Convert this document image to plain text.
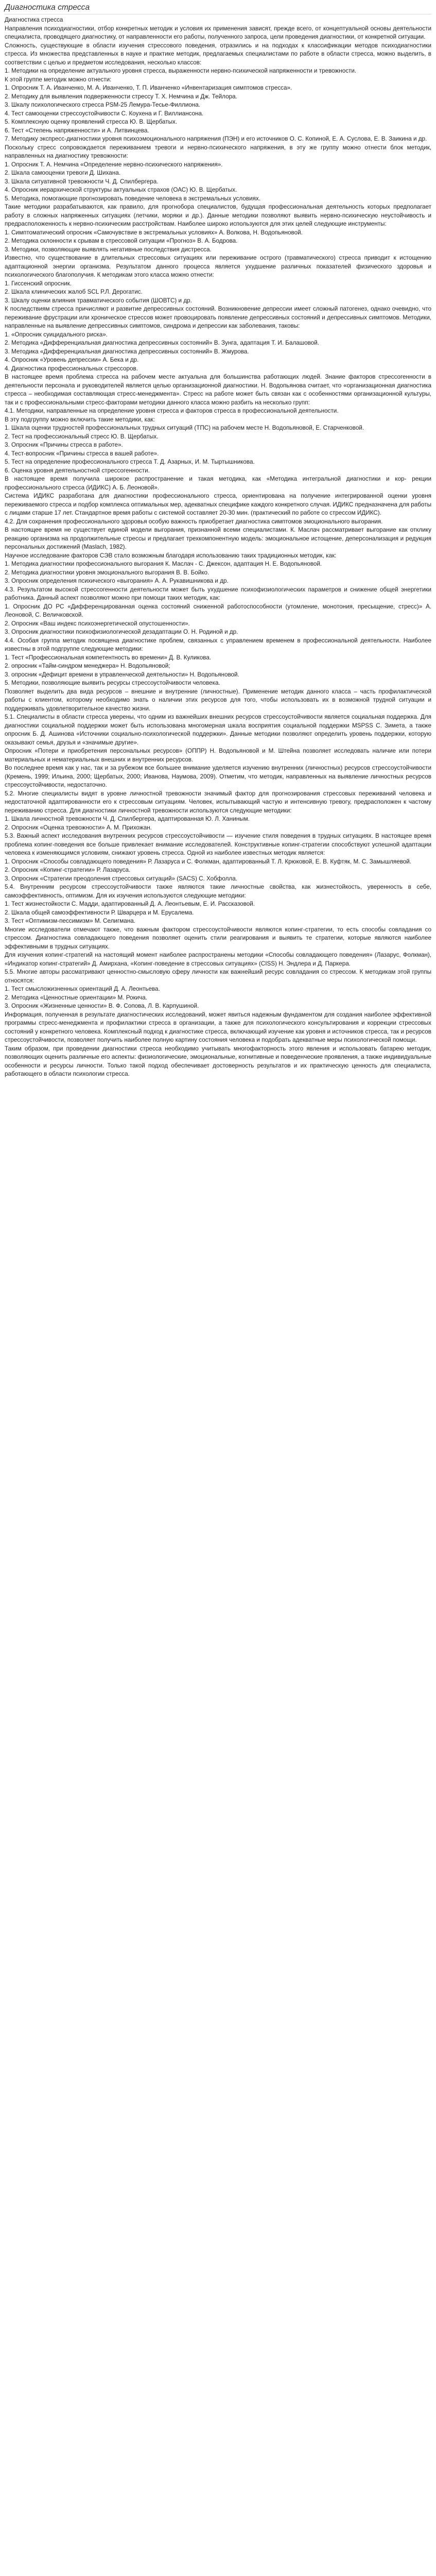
Диагностика стресса

Диагностика стресса

Направления психодиагностики, отбор конкретных методик и условия их применения зависят, прежде всего, от концептуальной основы деятельности специалиста, проводящего диагностику, от направленности его работы, полученного запроса, цели проведения диагностики, от конкретной ситуации.

Сложность, существующие в области изучения стрессового поведения, отразились и на подходах к классификации методов психодиагностики стресса. Из множества представленных в науке и практике методик, предлагаемых специалистами по работе в области стресса, можно выделить, в соответствии с целью и предметом исследования, несколько классов:

1. Методики на определение актуального уровня стресса, выраженности нервно-психической напряженности и тревожности.

К этой группе методик можно отнести:

1. Опросник Т. А. Иванченко, М. А. Иванченко, Т. П. Иванченко «Инвентаризация симптомов стресса».

2. Методику для выявления подверженности стрессу Т. Х. Немчина и Дж. Тейлора.

3. Шкалу психологического стресса PSM-25 Лемура-Тесье-Филлиона.

4. Тест самооценки стрессоустойчивости С. Коухена и Г. Виллиансона.

5. Комплексную оценку проявлений стресса Ю. В. Щербатых.

6. Тест «Степень напряженности» и А. Литвинцева.

7. Методику экспресс-диагностики уровня психоэмоционального напряжения (ПЭН) и его источников О. С. Копиной, Е. А. Суслова, Е. В. Заикина и др.

Поскольку стресс сопровождается переживанием тревоги и нервно-психического напряжения, в эту же группу можно отнести блок методик, направленных на диагностику тревожности:

1. Опросник Т. А. Немчина «Определение нервно-психического напряжения».

2. Шкала самооценки тревоги Д. Шихана.

3. Шкала ситуативной тревожности Ч. Д. Спилбергера.

4. Опросник иерархической структуры актуальных страхов (ОАС) Ю. В. Щербатых.

5. Методика, помогающие прогнозировать поведение человека в экстремальных условиях.

Такие методики разрабатываются, как правило, для прогнобора специалистов, будущая профессиональная деятельность которых предполагает работу в сложных напряженных ситуациях (летчики, моряки и др.). Данные методики позволяют выявить нервно-психическую неустойчивость и предрасположенность к нервно-психическим расстройствам. Наиболее широко используются для этих целей следующие инструменты:

1. Симптоматический опросник «Самочувствие в экстремальных условиях» А. Волкова, Н. Водопьяновой.

2. Методика склонности к срывам в стрессовой ситуации «Прогноз» В. А. Бодрова.

3. Методики, позволяющие выявлять негативные последствия дистресса.

Известно, что существование в длительных стрессовых ситуациях или переживание острого (травматического) стресса приводит к истощению адаптационной энергии организма. Результатом данного процесса является ухудшение различных показателей физического здоровья и психологического благополучия. К методикам этого класса можно отнести:

1. Гиссенский опросник.

2. Шкала клинических жалоб SCL Р.Л. Дерогатис.

3. Шкалу оценки влияния травматического события (ШОВТС) и др.

К последствиям стресса причисляют и развитие депрессивных состояний. Возникновение депрессии имеет сложный патогенез, однако очевидно, что переживание фрустрации или хроническое стрессов может провоцировать появление депрессивных состояний и депрессивных симптомов. Методики, направленные на выявление депрессивных симптомов, синдрома и депрессии как заболевания, таковы:

1. «Опросник суицидального риска».

2. Методика «Дифференциальная диагностика депрессивных состояний» В. Зунга, адаптация Т. И. Балашовой.

3. Методика «Дифференциальная диагностика депрессивных состояний» В. Жмурова.

4. Опросник «Уровень депрессии» А. Бека и др.

4. Диагностика профессиональных стрессоров.

В настоящее время проблема стресса на рабочем месте актуальна для большинства работающих людей. Знание факторов стрессогенности в деятельности персонала и руководителей является целью организационной диагностики. Н. Водопьянова считает, что «организационная диагностика стресса – необходимая составляющая стресс-менеджмента». Стресс на работе может быть связан как с особенностями организационной культуры, так и с профессиональными стресс-факторами методики данного класса можно разбить на несколько групп:

4.1. Методики, направленные на определение уровня стресса и факторов стресса в профессиональной деятельности.

В эту подгруппу можно включить такие методики, как:

1. Шкала оценки трудностей профессиональных трудных ситуаций (ТПС) на рабочем месте Н. Водопьяновой, Е. Старченковой.

2. Тест на профессиональный стресс Ю. В. Щербатых.

3. Опросник «Причины стресса в работе».

4. Тест-вопросник «Причины стресса в вашей работе».

5. Тест на определение профессионального стресса Т. Д. Азарных, И. М. Тыртышникова.

6. Оценка уровня деятельностной стрессогенности.

В настоящее время получила широкое распространение и такая методика, как «Методика интегральной диагностики и кор- рекции профессионального стресса (ИДИКС) А. Б. Леоновой».

Система ИДИКС разработана для диагностики профессионального стресса, ориентирована на получение интегрированной оценки уровня переживаемого стресса и подбор комплекса оптимальных мер, адекватных специфике каждого конкретного случая. ИДИКС предназначена для работы с лицами старше 17 лет. Стандартное время работы с системой составляет 20-30 мин. (практический по работе со стрессом ИДИКС).

4.2. Для сохранения профессионального здоровья особую важность приобретает диагностика симптомов эмоционального выгорания.

В настоящее время не существует единой модели выгорания, признанной всеми специалистами. К. Маслач рассматривает выгорание как отклику реакцию организма на продолжительные стрессы и предлагает трехкомпонентную модель: эмоциональное истощение, деперсонализация и редукция персональных достижений (Maslach, 1982).

Научное исследование факторов СЭВ стало возможным благодаря использованию таких традиционных методик, как:

1. Методика диагностики профессионального выгорания К. Маслач - С. Джексон, адаптация Н. Е. Водопьяновой.

2. Методика диагностики уровня эмоционального выгорания В. В. Бойко.

3. Опросник определения психического «выгорания» А. А. Рукавишникова и др.

4.3. Результатом высокой стрессогенности деятельности может быть ухудшение психофизиологических параметров и снижение общей энергетики работника. Данный аспект позволяют можно при помощи таких методик, как:

1. Опросник ДО PC «Дифференцированная оценка состояний сниженной работоспособности (утомление, монотония, пресыщение, стресс)» А. Леоновой, С. Величковской.

2. Опросник «Ваш индекс психоэнергетической опустошенности».

3. Опросник диагностики психофизиологической дезадаптации О. Н. Родиной и др.

4.4. Особая группа методик посвящена диагностике проблем, связанных с управлением временем в профессиональной деятельности. Наиболее известны в этой подгруппе следующие методики:

1. Тест «Профессиональная компетентность во времени» Д. В. Куликова.

2. опросник «Тайм-синдром менеджера» Н. Водопьяновой;

3. опросник «Дефицит времени в управленческой деятельности» Н. Водопьяновой.

5. Методики, позволяющие выявить ресурсы стрессоустойчивости человека.

Позволяет выделить два вида ресурсов – внешние и внутренние (личностные). Применение методик данного класса – часть профилактической работы с клиентом, которому необходимо знать о наличии этих ресурсов для того, чтобы использовать их в возможной трудной ситуации и поддерживать удовлетворительное качество жизни.

5.1. Специалисты в области стресса уверены, что одним из важнейших внешних ресурсов стрессоустойчивости является социальная поддержка. Для диагностики социальной поддержки может быть использована многомерная шкала восприятия социальной поддержки MSPSS С. Зимета, а также опросник Б. Д. Ашинова «Источники социально-психологической поддержки». Данные методики позволяют определить уровень поддержки, которую оказывают семья, друзья и «значимые другие».

Опросник «Потери и приобретения персональных ресурсов» (ОППР) Н. Водопьяновой и М. Штейна позволяет исследовать наличие или потери материальных и нематериальных внешних и внутренних ресурсов.

Во последнее время как у нас, так и за рубежом все большее внимание уделяется изучению внутренних (личностных) ресурсов стрессоустойчивости (Кремень, 1999; Ильина, 2000; Щербатых, 2000; Иванова, Наумова, 2009). Отметим, что методик, направленных на выявление личностных ресурсов стрессоустойчивости, недостаточно.

5.2. Многие специалисты видят в уровне личностной тревожности значимый фактор для прогнозирования стрессовых переживаний человека и недостаточной адаптированности его к стрессовым ситуациям. Человек, испытывающий частую и интенсивную тревогу, предрасположен к частому переживанию стресса. Для диагностики личностной тревожности используются следующие методики:

1. Шкала личностной тревожности Ч. Д. Спилбергера, адаптированная Ю. Л. Ханиным.

2. Опросник «Оценка тревожности» А. М. Прихожан.

5.3. Важный аспект исследования внутренних ресурсов стрессоустойчивости — изучение стиля поведения в трудных ситуациях. В настоящее время проблема копинг-поведения все больше привлекает внимание исследователей. Конструктивные копинг-стратегии способствуют успешной адаптации человека к изменяющимся условиям, снижают уровень стресса. Одной из наиболее известных методик является:

1. Опросник «Способы совладающего поведения» Р. Лазаруса и С. Фолкман, адаптированный Т. Л. Крюковой, Е. В. Куфтяк, М. С. Замышляевой.

2. Опросник «Копинг-стратегии» Р. Лазаруса.

3. Опросник «Стратегии преодоления стрессовых ситуаций» (SACS) С. Хобфолла.

5.4. Внутренним ресурсом стрессоустойчивости также являются такие личностные свойства, как жизнестойкость, уверенность в себе, самоэффективность, оптимизм. Для их изучения используются следующие методики:

1. Тест жизнестойкости С. Мадди, адаптированный Д. А. Леонтьевым, Е. И. Рассказовой.

2. Шкала общей самоэффективности Р. Шварцера и М. Ерусалема.

3. Тест «Оптимизм-пессимизм» М. Селигмана.

Многие исследователи отмечают также, что важным фактором стрессоустойчивости являются копинг-стратегии, то есть способы совладания со стрессом. Диагностика совладающего поведения позволяет оценить стили реагирования и выявить те стратегии, которые являются наиболее эффективными в трудных ситуациях.

Для изучения копинг-стратегий на настоящий момент наиболее распространены методики «Способы совладающего поведения» (Лазарус, Фолкман), «Индикатор копинг-стратегий» Д. Амирхана, «Копинг-поведение в стрессовых ситуациях» (CISS) Н. Эндлера и Д. Паркера.

5.5. Многие авторы рассматривают ценностно-смысловую сферу личности как важнейший ресурс совладания со стрессом. К методикам этой группы относятся:

1. Тест смысложизненных ориентаций Д. А. Леонтьева.

2. Методика «Ценностные ориентации» М. Рокича.

3. Опросник «Жизненные ценности» В. Ф. Сопова, Л. В. Карпушиной.

Информация, полученная в результате диагностических исследований, может явиться надежным фундаментом для создания наиболее эффективной программы стресс-менеджмента и профилактики стресса в организации, а также для психологического консультирования и коррекции стрессовых состояний у конкретного человека. Комплексный подход к диагностике стресса, включающий изучение как уровня и источников стресса, так и ресурсов стрессоустойчивости, позволяет получить наиболее полную картину состояния человека и подобрать адекватные меры психологической помощи.

Таким образом, при проведении диагностики стресса необходимо учитывать многофакторность этого явления и использовать батарею методик, позволяющих оценить различные его аспекты: физиологические, эмоциональные, когнитивные и поведенческие проявления, а также индивидуальные особенности и ресурсы личности. Только такой подход обеспечивает достоверность результатов и их практическую ценность для специалиста, работающего в области психологии стресса.
